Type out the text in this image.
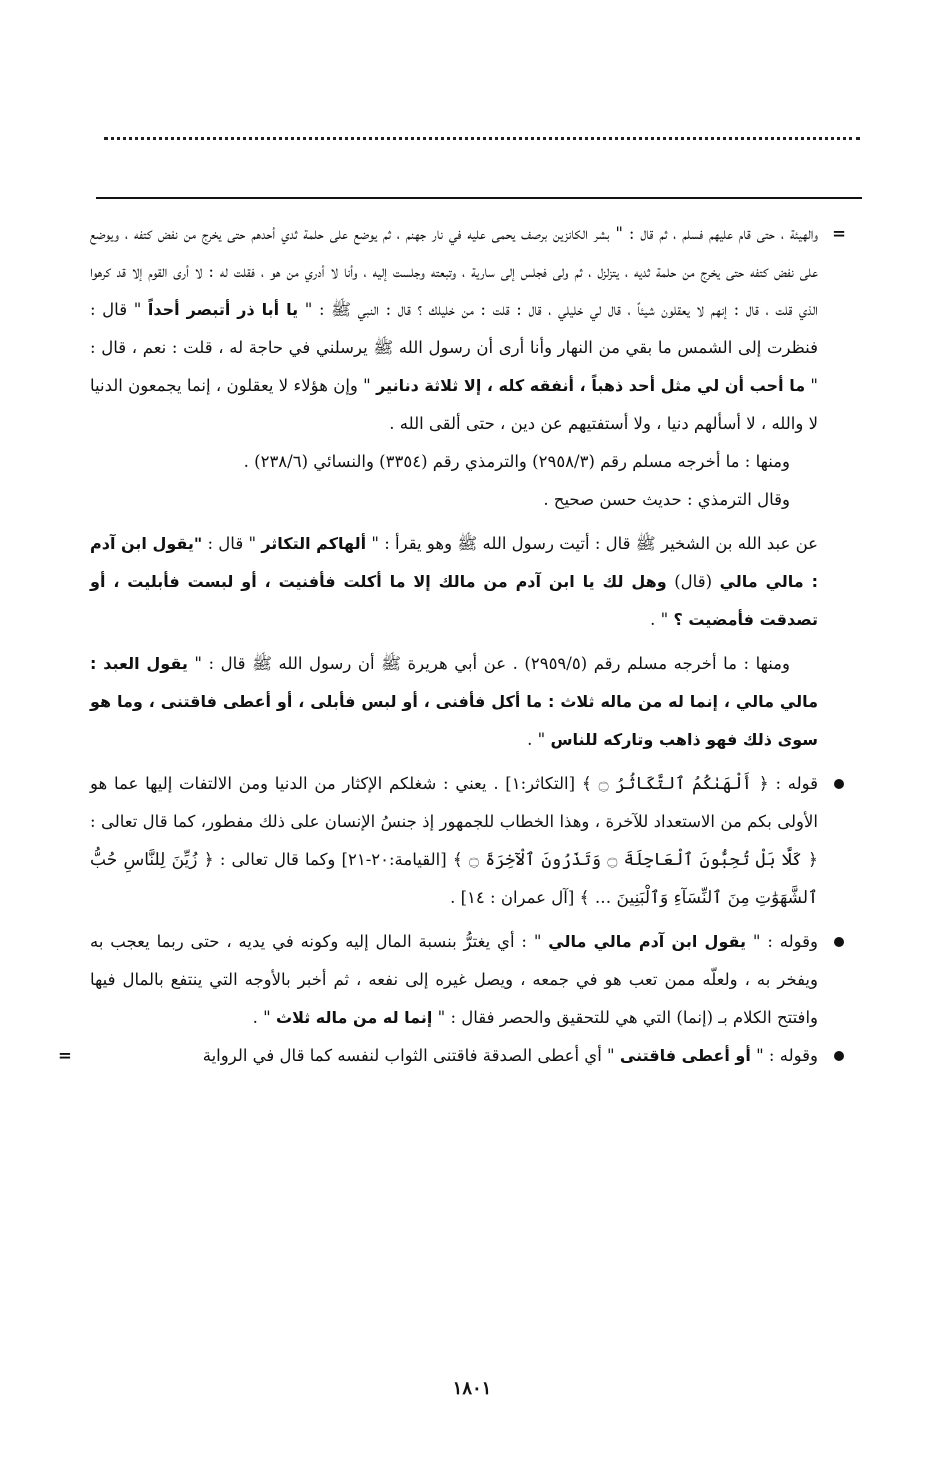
=
والهيئة ، حتى قام عليهم فسلم ، ثم قال : " بشر الكانزين برصف يحمى عليه في نار جهنم ، ثم يوضع على حلمة ثدي أحدهم حتى يخرج من نفض كتفه ، ويوضع على نفض كتفه حتى يخرج من حلمة ثديه ، يتزلزل ، ثم ولى فجلس إلى سارية ، وتبعته وجلست إليه ، وأنا لا أدري من هو ، فقلت له : لا أرى القوم إلا قد كرهوا الذي قلت ، قال : إنهم لا يعقلون شيئاً ، قال لي خليلي ، قال : قلت : من خليلك ؟ قال : النبي ﷺ : " يا أبا ذر أتبصر أحداً " قال : فنظرت إلى الشمس ما بقي من النهار وأنا أرى أن رسول الله ﷺ يرسلني في حاجة له ، قلت : نعم ، قال : " ما أحب أن لي مثل أحد ذهباً ، أنفقه كله ، إلا ثلاثة دنانير " وإن هؤلاء لا يعقلون ، إنما يجمعون الدنيا لا والله ، لا أسألهم دنيا ، ولا أستفتيهم عن دين ، حتى ألقى الله .

ومنها : ما أخرجه مسلم رقم (٢٩٥٨/٣) والترمذي رقم (٣٣٥٤) والنسائي (٢٣٨/٦) .

وقال الترمذي : حديث حسن صحيح .

عن عبد الله بن الشخير ﷺ قال : أتيت رسول الله ﷺ وهو يقرأ : " ألهاكم التكاثر " قال : "يقول ابن آدم : مالي مالي (قال) وهل لك يا ابن آدم من مالك إلا ما أكلت فأفنيت ، أو لبست فأبليت ، أو تصدقت فأمضيت ؟ " .

ومنها : ما أخرجه مسلم رقم (٢٩٥٩/٥) . عن أبي هريرة ﷺ أن رسول الله ﷺ قال : " يقول العبد : مالي مالي ، إنما له من ماله ثلاث : ما أكل فأفنى ، أو لبس فأبلى ، أو أعطى فاقتنى ، وما هو سوى ذلك فهو ذاهب وتاركه للناس " .

قوله : ﴿ أَلْهَىٰكُمُ ٱلتَّكَاثُرُ ۝ ﴾ [التكاثر:١] . يعني : شغلكم الإكثار من الدنيا ومن الالتفات إليها عما هو الأولى بكم من الاستعداد للآخرة ، وهذا الخطاب للجمهور إذ جنسُ الإنسان على ذلك مفطور، كما قال تعالى : ﴿ كَلَّا بَلْ تُحِبُّونَ ٱلْعَاجِلَةَ ۝ وَتَذَرُونَ ٱلْآخِرَةَ ۝ ﴾ [القيامة:٢٠-٢١] وكما قال تعالى : ﴿ زُيِّنَ لِلنَّاسِ حُبُّ ٱلشَّهَوَٰتِ مِنَ ٱلنِّسَآءِ وَٱلْبَنِينَ ... ﴾ [آل عمران : ١٤] .

وقوله : " يقول ابن آدم مالي مالي " : أي يغترُّ بنسبة المال إليه وكونه في يديه ، حتى ربما يعجب به ويفخر به ، ولعلّه ممن تعب هو في جمعه ، ويصل غيره إلى نفعه ، ثم أخبر بالأوجه التي ينتفع بالمال فيها وافتتح الكلام بـ (إنما) التي هي للتحقيق والحصر فقال : " إنما له من ماله ثلاث " .

وقوله : " أو أعطى فاقتنى " أي أعطى الصدقة فاقتنى الثواب لنفسه كما قال في الرواية
=

١٨٠١
